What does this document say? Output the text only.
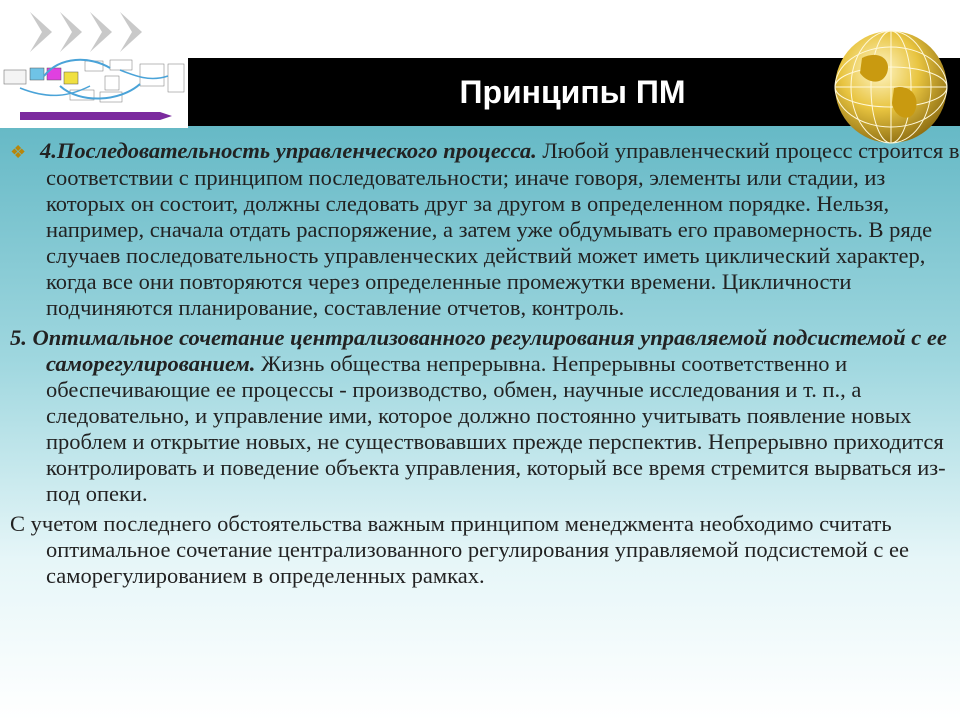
Принципы ПМ

❖ 4.Последовательность управленческого процесса. Любой управленческий процесс строится в соответствии с принципом последовательности; иначе говоря, элементы или стадии, из которых он состоит, должны следовать друг за другом в определенном порядке. Нельзя, например, сначала отдать распоряжение, а затем уже обдумывать его правомерность. В ряде случаев последовательность управленческих действий может иметь циклический характер, когда все они повторяются через определенные промежутки времени. Цикличности подчиняются планирование, составление отчетов, контроль.

5. Оптимальное сочетание централизованного регулирования управляемой подсистемой с ее саморегулированием. Жизнь общества непрерывна. Непрерывны соответственно и обеспечивающие ее процессы - производство, обмен, научные исследования и т. п., а следовательно, и управление ими, которое должно постоянно учитывать появление новых проблем и открытие новых, не существовавших прежде перспектив. Непрерывно приходится контролировать и поведение объекта управления, который все время стремится вырваться из-под опеки.

С учетом последнего обстоятельства важным принципом менеджмента необходимо считать оптимальное сочетание централизованного регулирования управляемой подсистемой с ее саморегулированием в определенных рамках.
